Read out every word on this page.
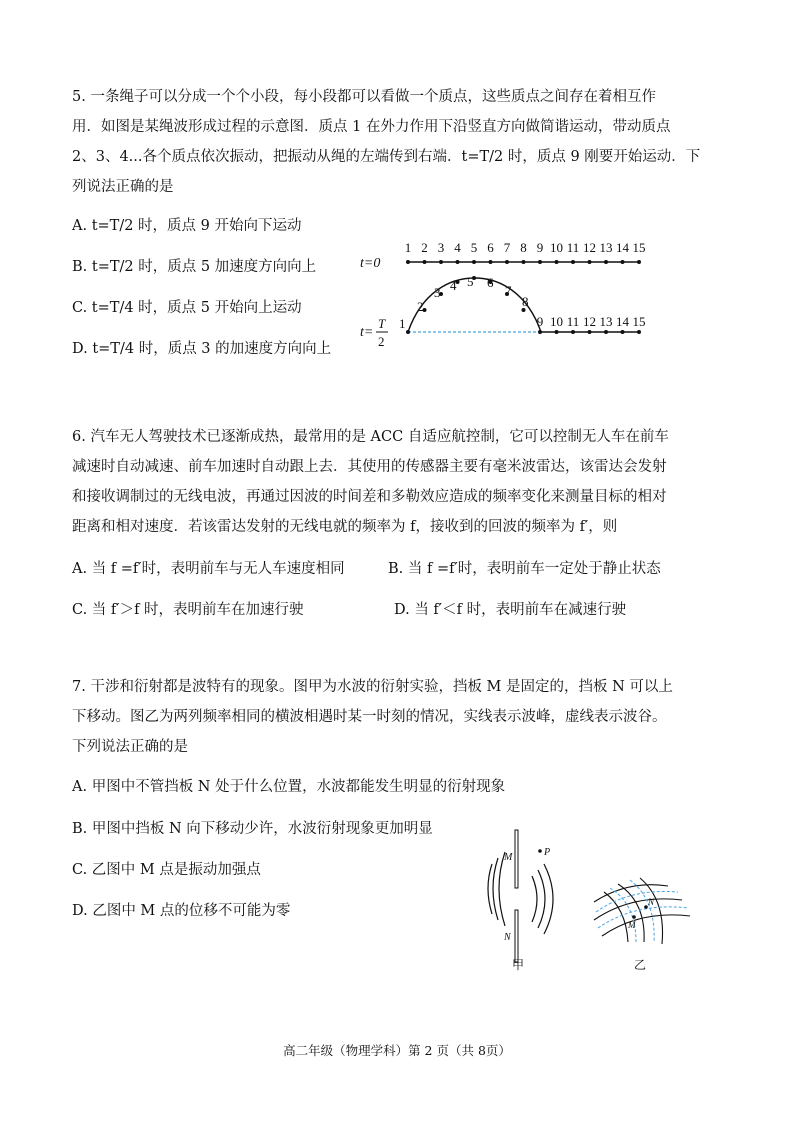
5. 一条绳子可以分成一个个小段，每小段都可以看做一个质点，这些质点之间存在着相互作
用．如图是某绳波形成过程的示意图．质点 1 在外力作用下沿竖直方向做简谐运动，带动质点
2、3、4...各个质点依次振动，把振动从绳的左端传到右端．t=T/2 时，质点 9 刚要开始运动．下
列说法正确的是
A. t=T/2 时，质点 9 开始向下运动
B. t=T/2 时，质点 5 加速度方向向上
C. t=T/4 时，质点 5 开始向上运动
D. t=T/4 时，质点 3 的加速度方向向上
t=0
1 2 3 4 5 6 7 8 9 10 11 12 13 14 15
t=
T
2
1
2
3 4 5 6
7
8
9 10 11 12 13 14 15
6. 汽车无人驾驶技术已逐渐成热，最常用的是 ACC 自适应航控制，它可以控制无人车在前车
减速时自动减速、前车加速时自动跟上去．其使用的传感器主要有毫米波雷达，该雷达会发射
和接收调制过的无线电波，再通过因波的时间差和多勒效应造成的频率变化来测量目标的相对
距离和相对速度．若该雷达发射的无线电就的频率为 f，接收到的回波的频率为 f′，则
A. 当 f =f′时，表明前车与无人车速度相同	B. 当 f =f′时，表明前车一定处于静止状态
C. 当 f′＞f 时，表明前车在加速行驶	D. 当 f′＜f 时，表明前车在减速行驶
7. 干涉和衍射都是波特有的现象。图甲为水波的衍射实验，挡板 M 是固定的，挡板 N 可以上
下移动。图乙为两列频率相同的横波相遇时某一时刻的情况，实线表示波峰，虚线表示波谷。
下列说法正确的是
A. 甲图中不管挡板 N 处于什么位置，水波都能发生明显的衍射现象
B. 甲图中挡板 N 向下移动少许，水波衍射现象更加明显
C. 乙图中 M 点是振动加强点
D. 乙图中 M 点的位移不可能为零
M
N
P
甲
N
M
乙
高二年级（物理学科）第 2 页（共 8页）
